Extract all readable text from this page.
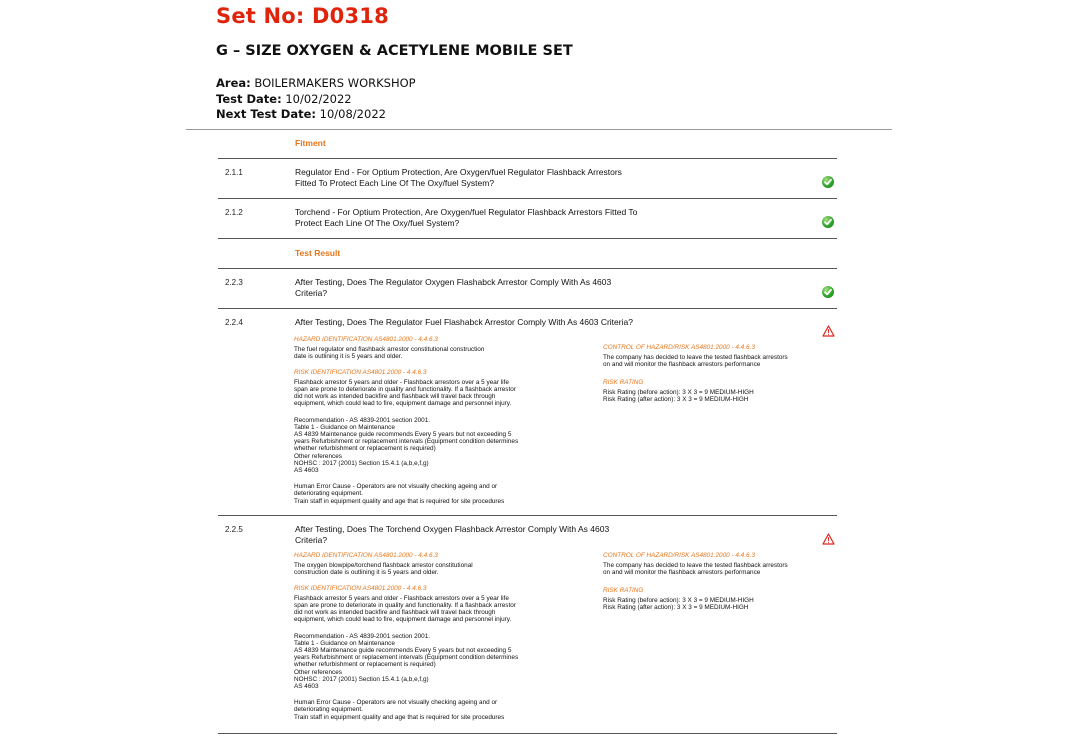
Set No: D0318
G – SIZE OXYGEN & ACETYLENE MOBILE SET
Area: BOILERMAKERS WORKSHOP
Test Date: 10/02/2022
Next Test Date: 10/08/2022
Fitment
2.1.1	Regulator End - For Optium Protection, Are Oxygen/fuel Regulator Flashback Arrestors
Fitted To Protect Each Line Of The Oxy/fuel System?
2.1.2	Torchend - For Optium Protection, Are Oxygen/fuel Regulator Flashback Arrestors Fitted To
Protect Each Line Of The Oxy/fuel System?
Test Result
2.2.3	After Testing, Does The Regulator Oxygen Flashabck Arrestor Comply With As 4603
Criteria?
2.2.4	After Testing, Does The Regulator Fuel Flashabck Arrestor Comply With As 4603 Criteria?
HAZARD IDENTIFICATION AS4801.2000 - 4.4.6.3

The fuel regulator end flashback arrestor constitutional construction
date is outlining it is 5 years and older.

RISK IDENTIFICATION AS4801.2000 - 4.4.6.3

Flashback arrestor 5 years and older - Flashback arrestors over a 5 year life
span are prone to deteriorate in quality and functionality. If a flashback arrestor
did not work as intended backfire and flashback will travel back through
equipment, which could lead to fire, equipment damage and personnel injury.

Recommendation - AS 4839-2001 section 2001.
Table 1 - Guidance on Maintenance
AS 4839 Maintenance guide recommends Every 5 years but not exceeding 5
years Refurbishment or replacement intervals (Equipment condition determines
whether refurbishment or replacement is required)
Other references
NOHSC : 2017 (2001) Section 15.4.1 (a,b,e,f,g)
AS 4603

Human Error Cause - Operators are not visually checking ageing and or
deteriorating equipment.
Train staff in equipment quality and age that is required for site procedures

CONTROL OF HAZARD/RISK AS4801.2000 - 4.4.6.3

The company has decided to leave the tested flashback arrestors
on and will monitor the flashback arrestors performance

RISK RATING

Risk Rating (before action): 3 X 3 = 9 MEDIUM-HIGH
Risk Rating (after action): 3 X 3 = 9 MEDIUM-HIGH

2.2.5	After Testing, Does The Torchend Oxygen Flashback Arrestor Comply With As 4603
Criteria?
HAZARD IDENTIFICATION AS4801.2000 - 4.4.6.3

The oxygen blowpipe/torchend flashback arrestor constitutional
construction date is outlining it is 5 years and older.

RISK IDENTIFICATION AS4801.2000 - 4.4.6.3

Flashback arrestor 5 years and older - Flashback arrestors over a 5 year life
span are prone to deteriorate in quality and functionality. If a flashback arrestor
did not work as intended backfire and flashback will travel back through
equipment, which could lead to fire, equipment damage and personnel injury.

Recommendation - AS 4839-2001 section 2001.
Table 1 - Guidance on Maintenance
AS 4839 Maintenance guide recommends Every 5 years but not exceeding 5
years Refurbishment or replacement intervals (Equipment condition determines
whether refurbishment or replacement is required)
Other references
NOHSC : 2017 (2001) Section 15.4.1 (a,b,e,f,g)
AS 4603

Human Error Cause - Operators are not visually checking ageing and or
deteriorating equipment.
Train staff in equipment quality and age that is required for site procedures

CONTROL OF HAZARD/RISK AS4801.2000 - 4.4.6.3

The company has decided to leave the tested flashback arrestors
on and will monitor the flashback arrestors performance

RISK RATING

Risk Rating (before action): 3 X 3 = 9 MEDIUM-HIGH
Risk Rating (after action): 3 X 3 = 9 MEDIUM-HIGH
